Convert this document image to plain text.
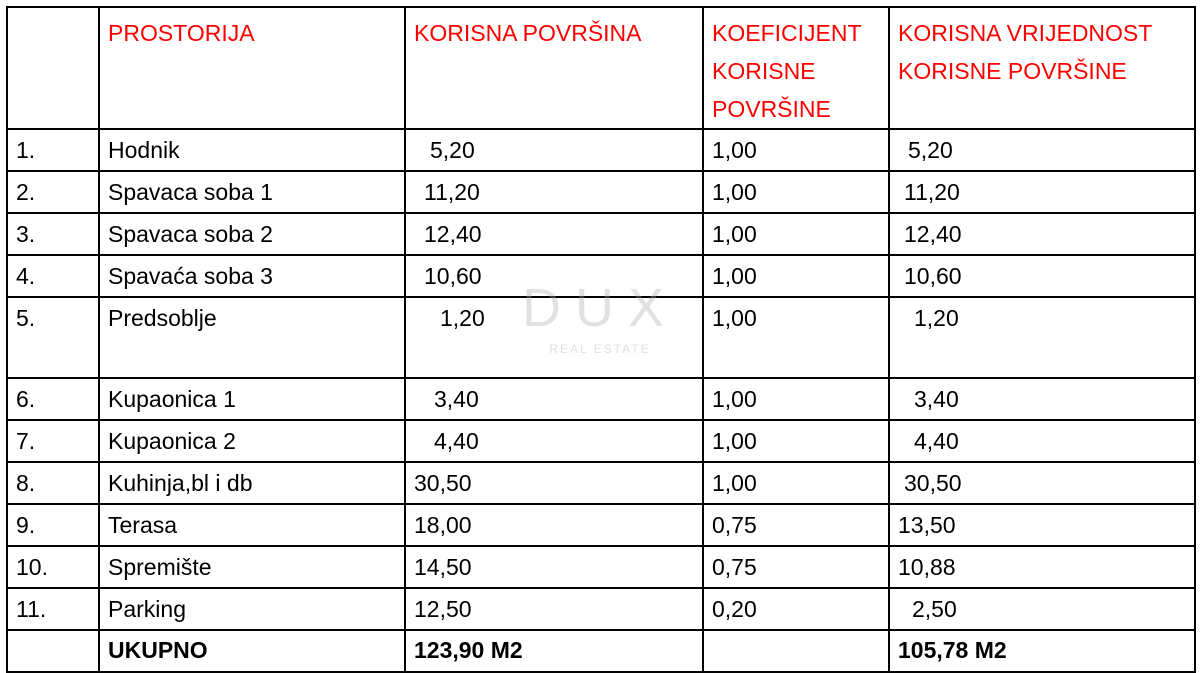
	PROSTORIJA	KORISNA POVRŠINA	KOEFICIJENT KORISNE POVRŠINE	KORISNA VRIJEDNOST KORISNE POVRŠINE
1.	Hodnik	5,20	1,00	5,20
2.	Spavaca soba 1	11,20	1,00	11,20
3.	Spavaca soba 2	12,40	1,00	12,40
4.	Spavaća soba 3	10,60	1,00	10,60
5.	Predsoblje	1,20	1,00	1,20
6.	Kupaonica 1	3,40	1,00	3,40
7.	Kupaonica 2	4,40	1,00	4,40
8.	Kuhinja,bl i db	30,50	1,00	30,50
9.	Terasa	18,00	0,75	13,50
10.	Spremište	14,50	0,75	10,88
11.	Parking	12,50	0,20	2,50
	UKUPNO	123,90 M2		105,78 M2
DUX
REAL ESTATE
